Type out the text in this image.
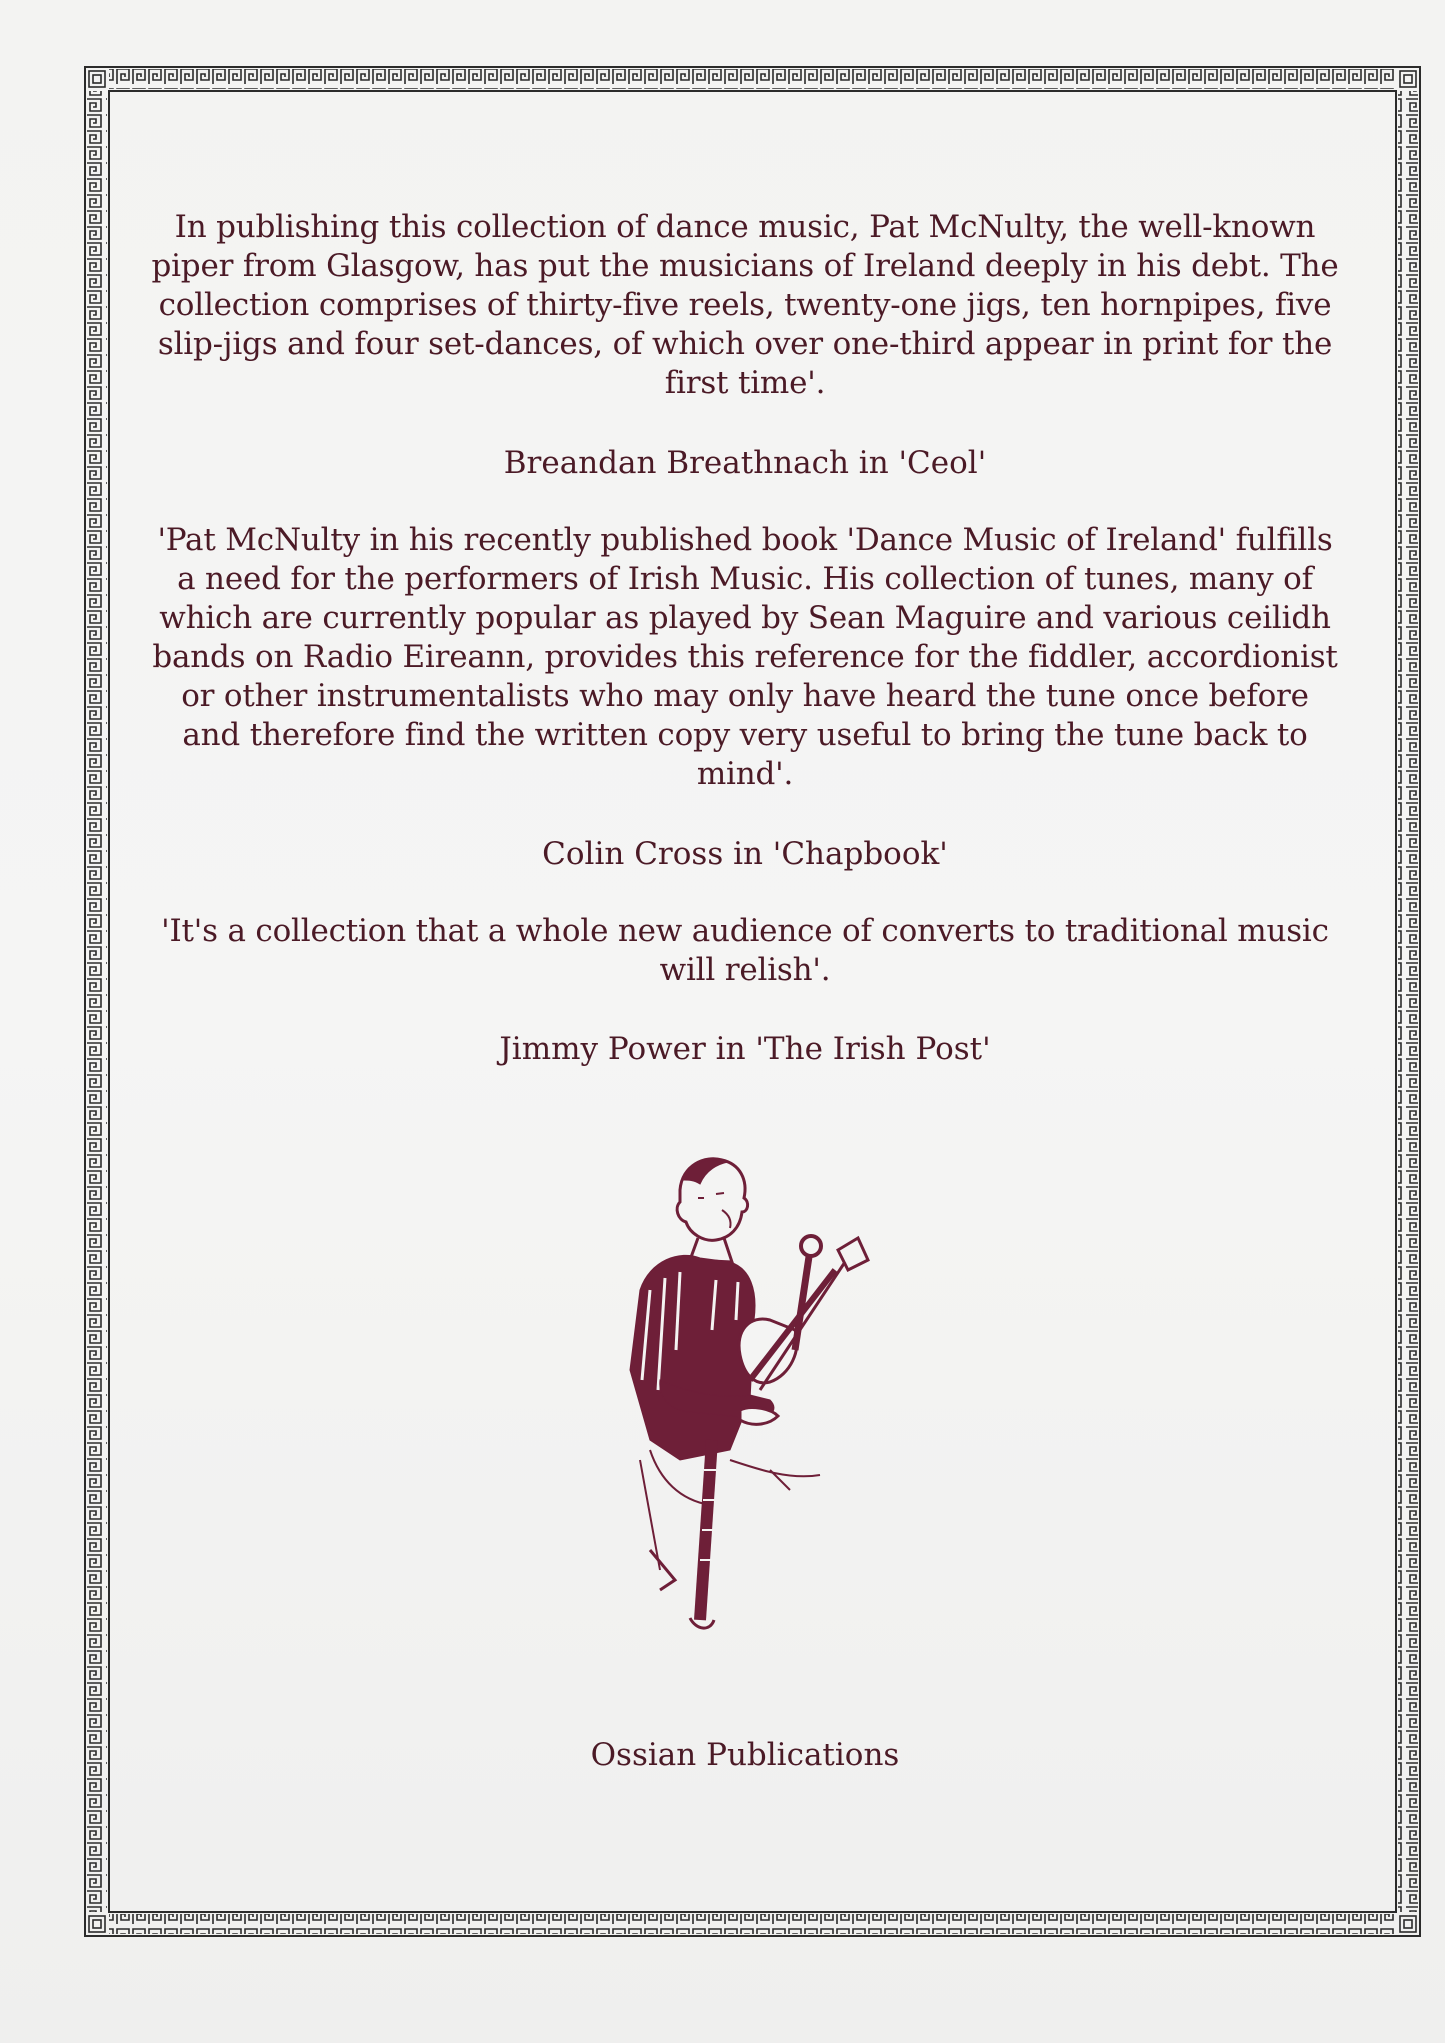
In publishing this collection of dance music, Pat McNulty, the well-known piper from Glasgow, has put the musicians of Ireland deeply in his debt. The collection comprises of thirty-five reels, twenty-one jigs, ten hornpipes, five slip-jigs and four set-dances, of which over one-third appear in print for the first time'.

Breandan Breathnach in 'Ceol'

'Pat McNulty in his recently published book 'Dance Music of Ireland' fulfills a need for the performers of Irish Music. His collection of tunes, many of which are currently popular as played by Sean Maguire and various ceilidh bands on Radio Eireann, provides this reference for the fiddler, accordionist or other instrumentalists who may only have heard the tune once before and therefore find the written copy very useful to bring the tune back to mind'.

Colin Cross in 'Chapbook'

'It's a collection that a whole new audience of converts to traditional music will relish'.

Jimmy Power in 'The Irish Post'

Ossian Publications
